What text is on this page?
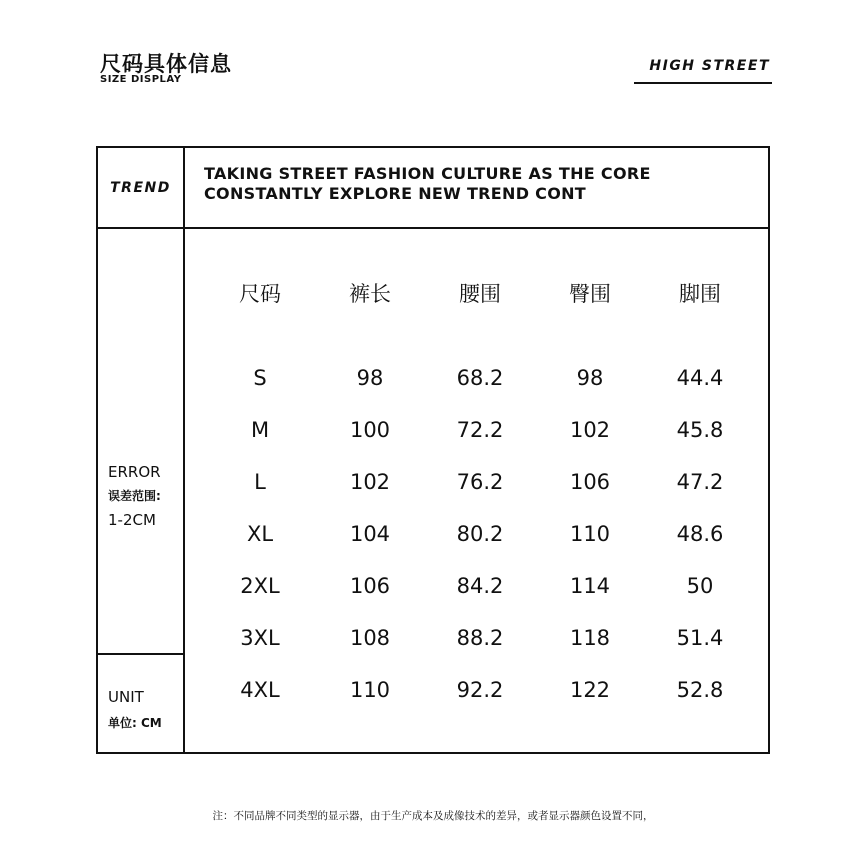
尺码具体信息
SIZE DISPLAY
HIGH STREET
TREND
TAKING STREET FASHION CULTURE AS THE CORE
CONSTANTLY EXPLORE NEW TREND CONT
ERROR
误差范围:
1-2CM
UNIT
单位: CM
尺码	裤长	腰围	臀围	脚围
S	98	68.2	98	44.4
M	100	72.2	102	45.8
L	102	76.2	106	47.2
XL	104	80.2	110	48.6
2XL	106	84.2	114	50
3XL	108	88.2	118	51.4
4XL	110	92.2	122	52.8
注：不同品牌不同类型的显示器，由于生产成本及成像技术的差异，或者显示器颜色设置不同，
